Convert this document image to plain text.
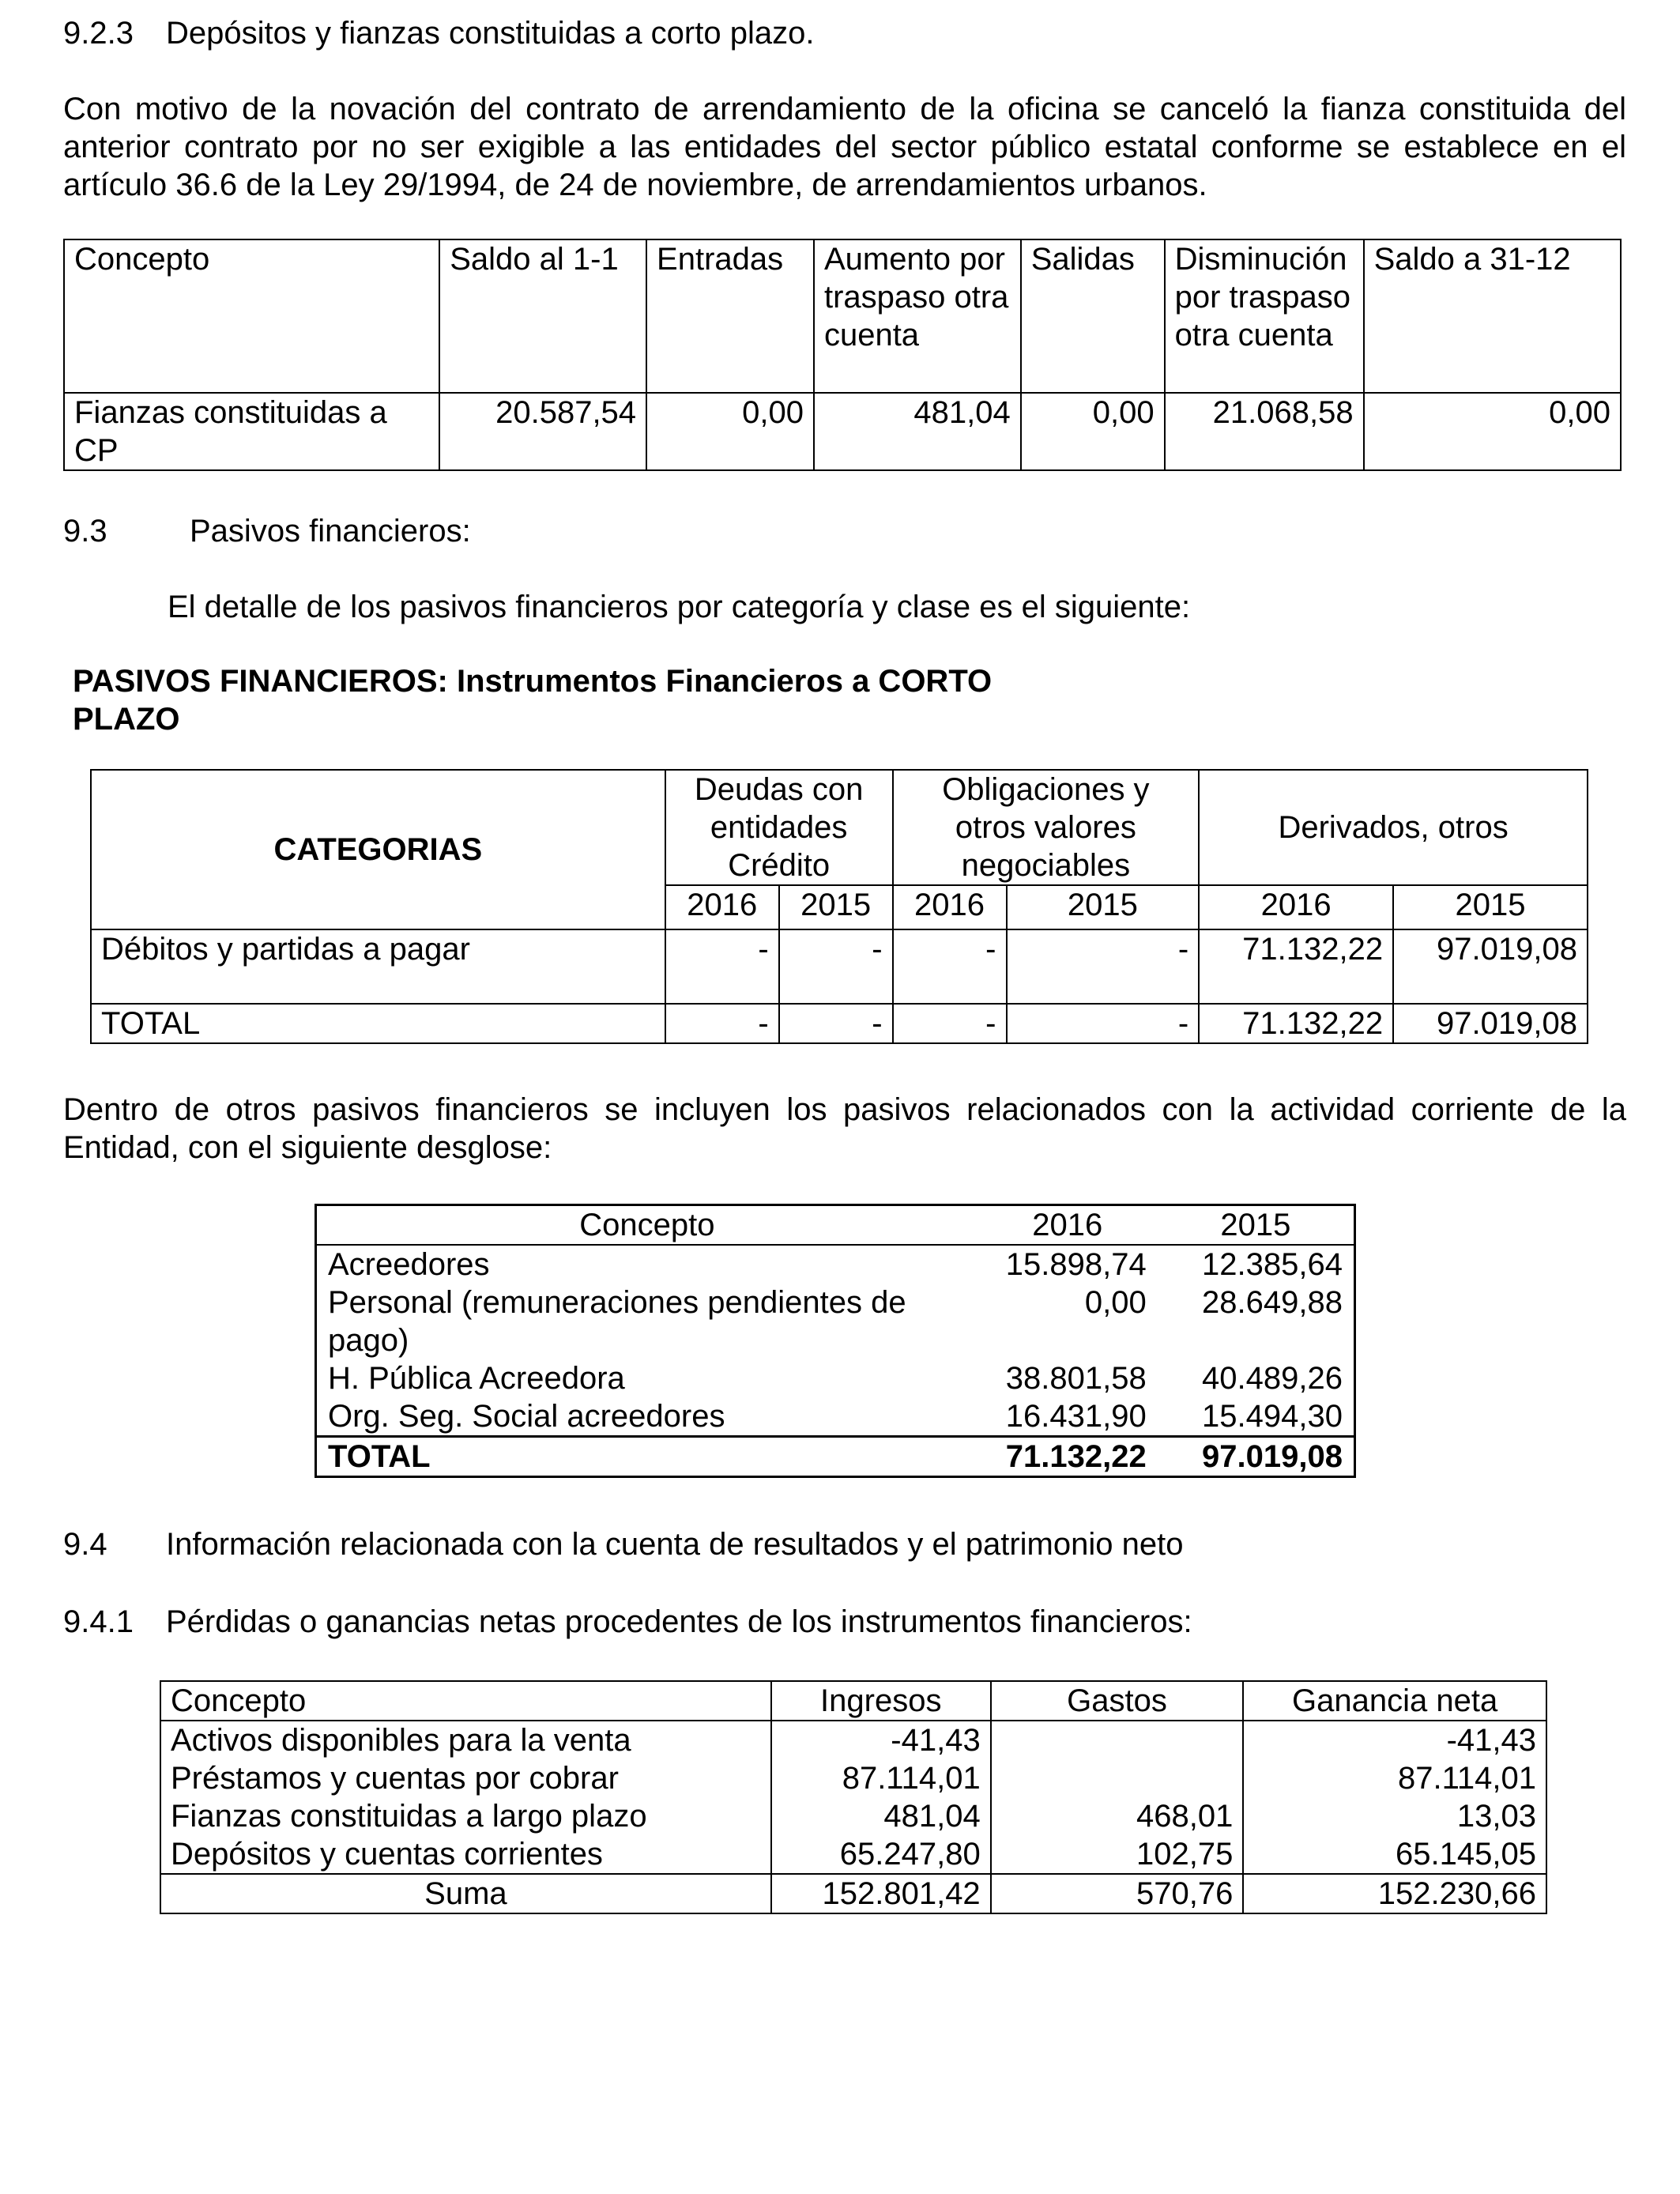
9.2.3 Depósitos y fianzas constituidas a corto plazo.
Con motivo de la novación del contrato de arrendamiento de la oficina se canceló la fianza constituida del anterior contrato por no ser exigible a las entidades del sector público estatal conforme se establece en el artículo 36.6 de la Ley 29/1994, de 24 de noviembre, de arrendamientos urbanos.
Concepto	Saldo al 1-1	Entradas	Aumento por traspaso otra cuenta	Salidas	Disminución por traspaso otra cuenta	Saldo a 31-12
Fianzas constituidas a CP	20.587,54	0,00	481,04	0,00	21.068,58	0,00
9.3	Pasivos financieros:
El detalle de los pasivos financieros por categoría y clase es el siguiente:
PASIVOS FINANCIEROS: Instrumentos Financieros a CORTO PLAZO
CATEGORIAS	Deudas con entidades Crédito		Obligaciones y otros valores negociables		Derivados, otros	
	2016	2015	2016	2015	2016	2015
Débitos y partidas a pagar	-	-	-	-	71.132,22	97.019,08
TOTAL	-	-	-	-	71.132,22	97.019,08
Dentro de otros pasivos financieros se incluyen los pasivos relacionados con la actividad corriente de la Entidad, con el siguiente desglose:
Concepto	2016	2015
Acreedores	15.898,74	12.385,64
Personal (remuneraciones pendientes de pago)	0,00	28.649,88
H. Pública Acreedora	38.801,58	40.489,26
Org. Seg. Social acreedores	16.431,90	15.494,30
TOTAL	71.132,22	97.019,08
9.4 Información relacionada con la cuenta de resultados y el patrimonio neto
9.4.1 Pérdidas o ganancias netas procedentes de los instrumentos financieros:
Concepto	Ingresos	Gastos	Ganancia neta
Activos disponibles para la venta	-41,43		-41,43
Préstamos y cuentas por cobrar	87.114,01		87.114,01
Fianzas constituidas a largo plazo	481,04	468,01	13,03
Depósitos y cuentas corrientes	65.247,80	102,75	65.145,05
Suma	152.801,42	570,76	152.230,66
